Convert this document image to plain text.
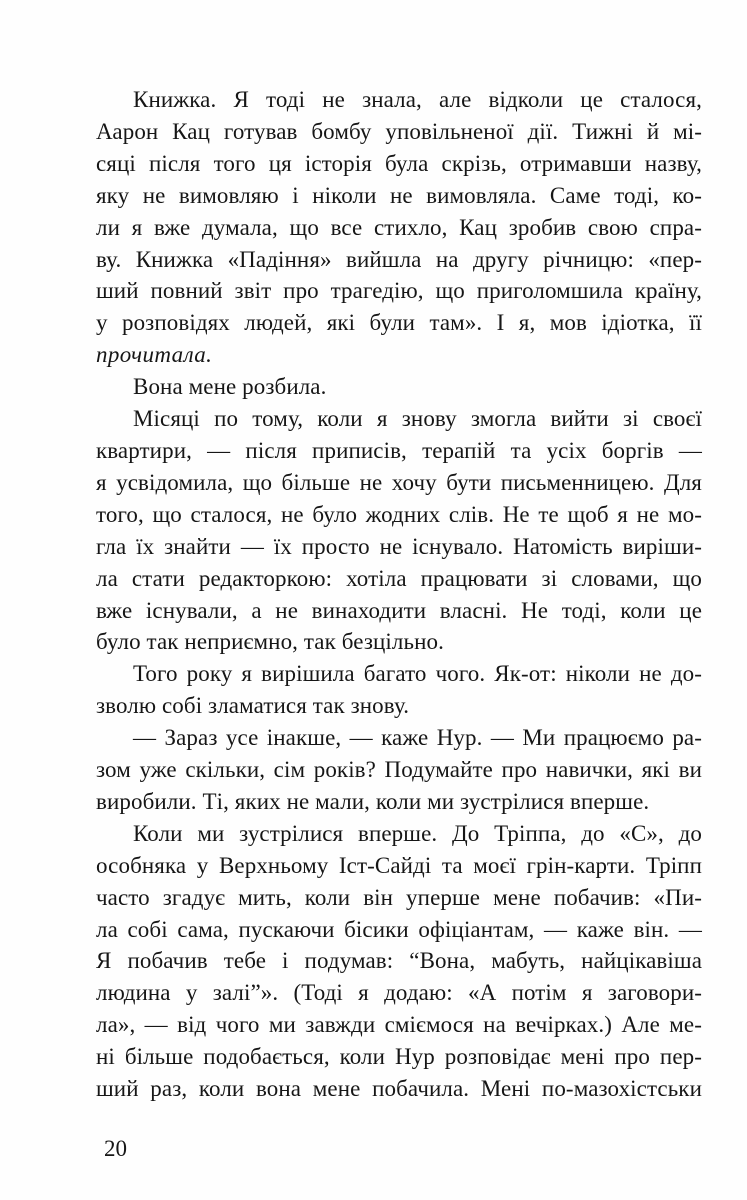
Книжка. Я тоді не знала, але відколи це сталося,
Аарон Кац готував бомбу уповільненої дії. Тижні й мі-
сяці після того ця історія була скрізь, отримавши назву,
яку не вимовляю і ніколи не вимовляла. Саме тоді, ко-
ли я вже думала, що все стихло, Кац зробив свою спра-
ву. Книжка «Падіння» вийшла на другу річницю: «пер-
ший повний звіт про трагедію, що приголомшила країну,
у розповідях людей, які були там». І я, мов ідіотка, її
прочитала.
Вона мене розбила.
Місяці по тому, коли я знову змогла вийти зі своєї
квартири, — після приписів, терапій та усіх боргів —
я усвідомила, що більше не хочу бути письменницею. Для
того, що сталося, не було жодних слів. Не те щоб я не мо-
гла їх знайти — їх просто не існувало. Натомість виріши-
ла стати редакторкою: хотіла працювати зі словами, що
вже існували, а не винаходити власні. Не тоді, коли це
було так неприємно, так безцільно.
Того року я вирішила багато чого. Як-от: ніколи не до-
зволю собі зламатися так знову.
— Зараз усе інакше, — каже Нур. — Ми працюємо ра-
зом уже скільки, сім років? Подумайте про навички, які ви
виробили. Ті, яких не мали, коли ми зустрілися вперше.
Коли ми зустрілися вперше. До Тріппа, до «С», до
особняка у Верхньому Іст-Сайді та моєї грін-карти. Тріпп
часто згадує мить, коли він уперше мене побачив: «Пи-
ла собі сама, пускаючи бісики офіціантам, — каже він. —
Я побачив тебе і подумав: “Вона, мабуть, найцікавіша
людина у залі”». (Тоді я додаю: «А потім я заговори-
ла», — від чого ми завжди сміємося на вечірках.) Але ме-
ні більше подобається, коли Нур розповідає мені про пер-
ший раз, коли вона мене побачила. Мені по-мазохістськи
20
